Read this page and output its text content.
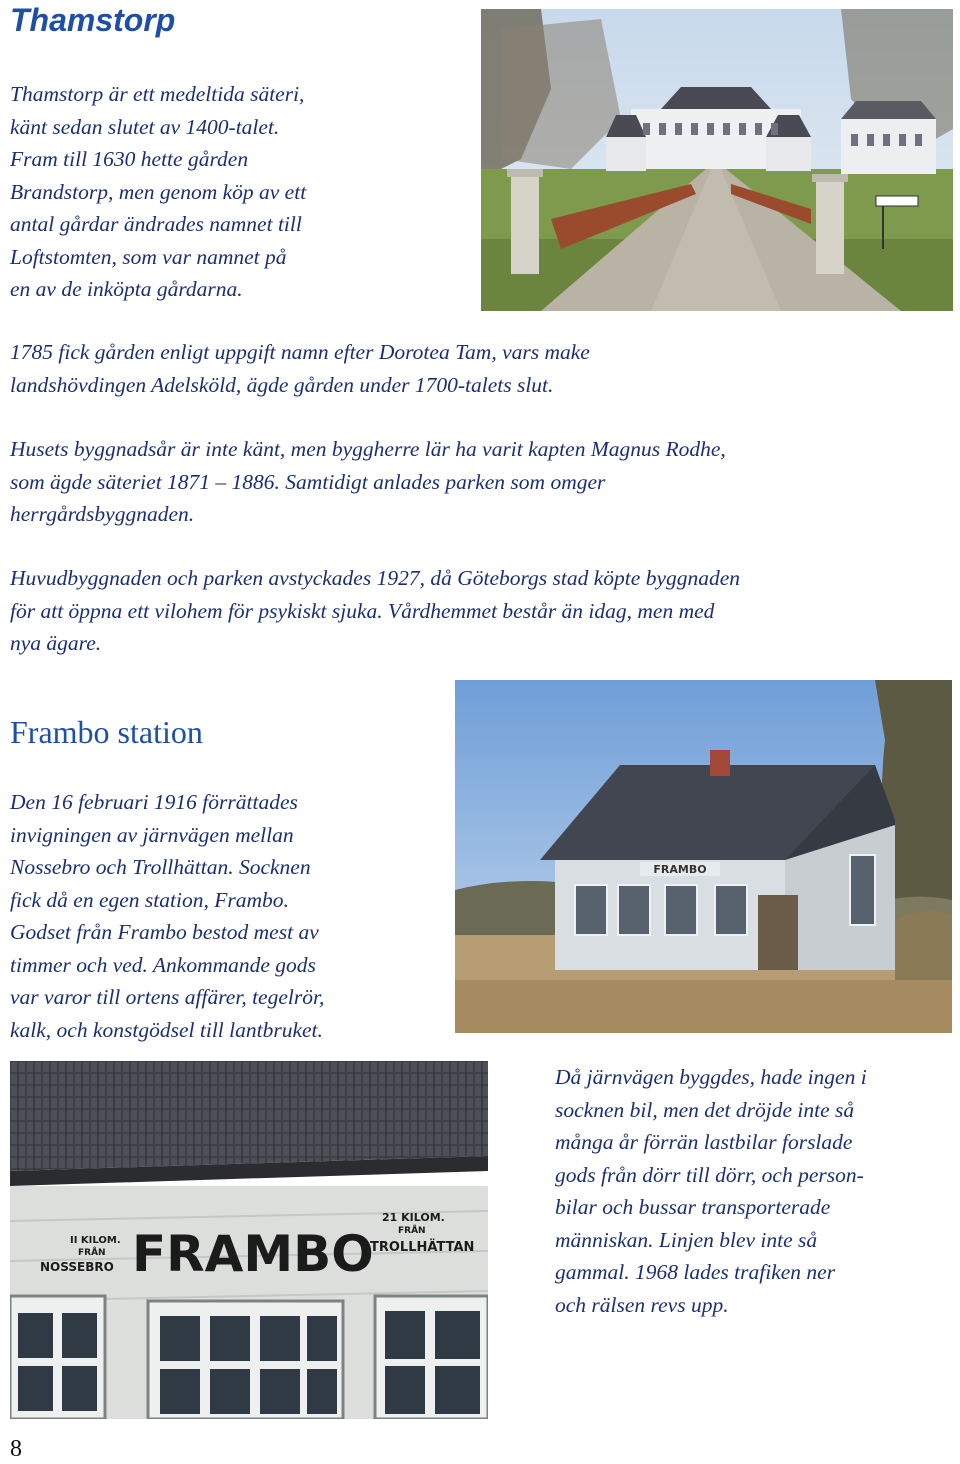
Thamstorp
Thamstorp är ett medeltida säteri,
känt sedan slutet av 1400-talet.
Fram till 1630 hette gården
Brandstorp, men genom köp av ett
antal gårdar ändrades namnet till
Loftstomten, som var namnet på
en av de inköpta gårdarna.
1785 fick gården enligt uppgift namn efter Dorotea Tam, vars make
landshövdingen Adelsköld, ägde gården under 1700-talets slut.
Husets byggnadsår är inte känt, men byggherre lär ha varit kapten Magnus Rodhe,
som ägde säteriet 1871 – 1886. Samtidigt anlades parken som omger
herrgårdsbyggnaden.
Huvudbyggnaden och parken avstyckades 1927, då Göteborgs stad köpte byggnaden
för att öppna ett vilohem för psykiskt sjuka. Vårdhemmet består än idag, men med
nya ägare.
Frambo station
FRAMBO
Den 16 februari 1916 förrättades
invigningen av järnvägen mellan
Nossebro och Trollhättan. Socknen
fick då en egen station, Frambo.
Godset från Frambo bestod mest av
timmer och ved. Ankommande gods
var varor till ortens affärer, tegelrör,
kalk, och konstgödsel till lantbruket.
II KILOM.
FRÅN
NOSSEBRO FRAMBO
21 KILOM.
FRÅN
TROLLHÄTTAN
Då järnvägen byggdes, hade ingen i
socknen bil, men det dröjde inte så
många år förrän lastbilar forslade
gods från dörr till dörr, och person-
bilar och bussar transporterade
människan. Linjen blev inte så
gammal. 1968 lades trafiken ner
och rälsen revs upp.
8
